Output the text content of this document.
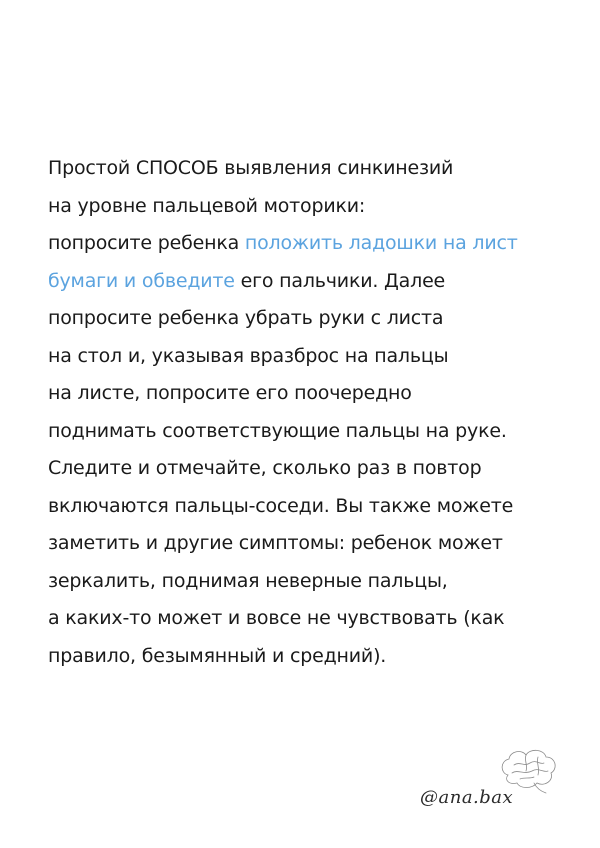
Простой СПОСОБ выявления синкинезий
на уровне пальцевой моторики:
попросите ребенка положить ладошки на лист
бумаги и обведите его пальчики. Далее
попросите ребенка убрать руки с листа
на стол и, указывая вразброс на пальцы
на листе, попросите его поочередно
поднимать соответствующие пальцы на руке.
Следите и отмечайте, сколько раз в повтор
включаются пальцы-соседи. Вы также можете
заметить и другие симптомы: ребенок может
зеркалить, поднимая неверные пальцы,
а каких-то может и вовсе не чувствовать (как
правило, безымянный и средний).
@ana.bax
